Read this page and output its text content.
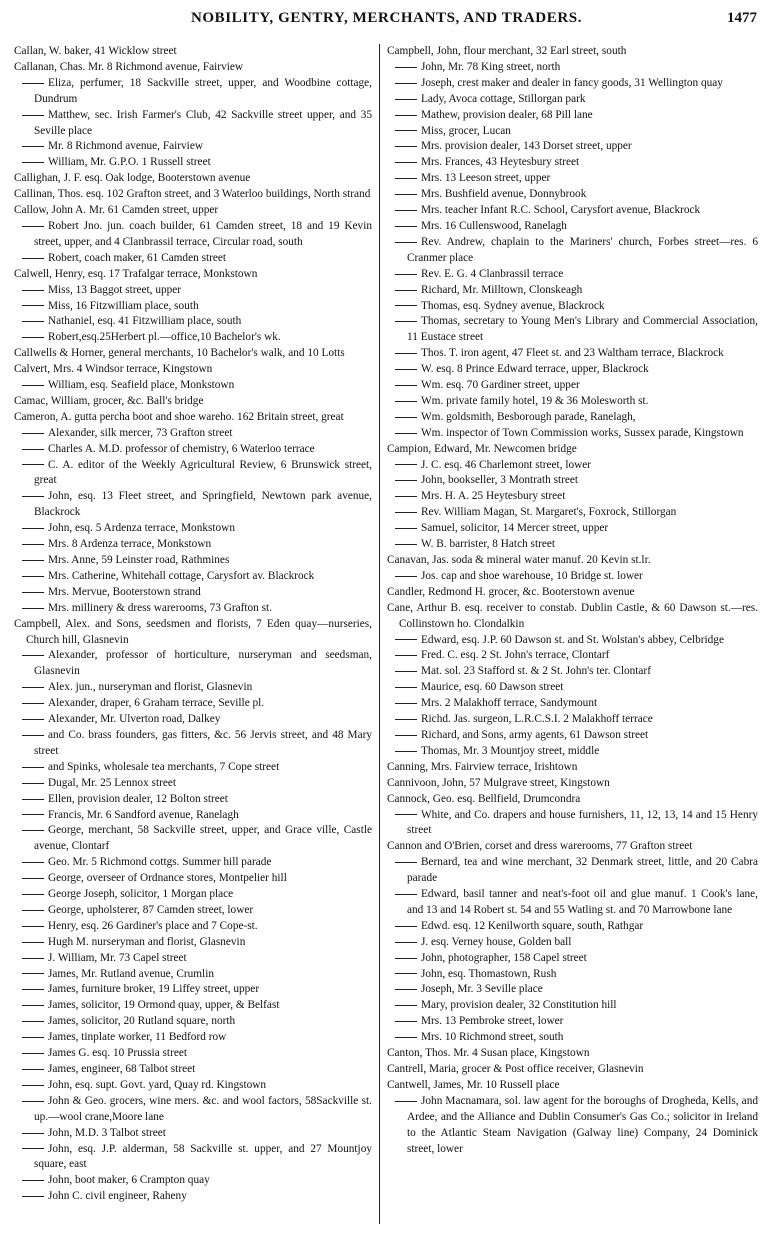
NOBILITY, GENTRY, MERCHANTS, AND TRADERS.	1477
Callan, W. baker, 41 Wicklow street
Callanan, Chas. Mr. 8 Richmond avenue, Fairview
Eliza, perfumer, 18 Sackville street, upper, and Woodbine cottage, Dundrum
Matthew, sec. Irish Farmer's Club, 42 Sackville street upper, and 35 Seville place
Mr. 8 Richmond avenue, Fairview
William, Mr. G.P.O. 1 Russell street
Callighan, J. F. esq. Oak lodge, Booterstown avenue
Callinan, Thos. esq. 102 Grafton street, and 3 Waterloo buildings, North strand
Callow, John A. Mr. 61 Camden street, upper
Robert Jno. jun. coach builder, 61 Camden street, 18 and 19 Kevin street, upper, and 4 Clanbrassil terrace, Circular road, south
Robert, coach maker, 61 Camden street
Calwell, Henry, esq. 17 Trafalgar terrace, Monkstown
Miss, 13 Baggot street, upper
Miss, 16 Fitzwilliam place, south
Nathaniel, esq. 41 Fitzwilliam place, south
Robert,esq.25Herbert pl.—office,10 Bachelor's wk.
Callwells & Horner, general merchants, 10 Bachelor's walk, and 10 Lotts
Calvert, Mrs. 4 Windsor terrace, Kingstown
William, esq. Seafield place, Monkstown
Camac, William, grocer, &c. Ball's bridge
Cameron, A. gutta percha boot and shoe wareho. 162 Britain street, great
Alexander, silk mercer, 73 Grafton street
Charles A. M.D. professor of chemistry, 6 Waterloo terrace
C. A. editor of the Weekly Agricultural Review, 6 Brunswick street, great
John, esq. 13 Fleet street, and Springfield, Newtown park avenue, Blackrock
John, esq. 5 Ardenza terrace, Monkstown
Mrs. 8 Ardenza terrace, Monkstown
Mrs. Anne, 59 Leinster road, Rathmines
Mrs. Catherine, Whitehall cottage, Carysfort av. Blackrock
Mrs. Mervue, Booterstown strand
Mrs. millinery & dress warerooms, 73 Grafton st.
Campbell, Alex. and Sons, seedsmen and florists, 7 Eden quay—nurseries, Church hill, Glasnevin
Alexander, professor of horticulture, nurseryman and seedsman, Glasnevin
Alex. jun., nurseryman and florist, Glasnevin
Alexander, draper, 6 Graham terrace, Seville pl.
Alexander, Mr. Ulverton road, Dalkey
and Co. brass founders, gas fitters, &c. 56 Jervis street, and 48 Mary street
and Spinks, wholesale tea merchants, 7 Cope street
Dugal, Mr. 25 Lennox street
Ellen, provision dealer, 12 Bolton street
Francis, Mr. 6 Sandford avenue, Ranelagh
George, merchant, 58 Sackville street, upper, and Grace ville, Castle avenue, Clontarf
Geo. Mr. 5 Richmond cottgs. Summer hill parade
George, overseer of Ordnance stores, Montpelier hill
George Joseph, solicitor, 1 Morgan place
George, upholsterer, 87 Camden street, lower
Henry, esq. 26 Gardiner's place and 7 Cope-st.
Hugh M. nurseryman and florist, Glasnevin
J. William, Mr. 73 Capel street
James, Mr. Rutland avenue, Crumlin
James, furniture broker, 19 Liffey street, upper
James, solicitor, 19 Ormond quay, upper, & Belfast
James, solicitor, 20 Rutland square, north
James, tinplate worker, 11 Bedford row
James G. esq. 10 Prussia street
James, engineer, 68 Talbot street
John, esq. supt. Govt. yard, Quay rd. Kingstown
John & Geo. grocers, wine mers. &c. and wool factors, 58Sackville st. up.—wool crane,Moore lane
John, M.D. 3 Talbot street
John, esq. J.P. alderman, 58 Sackville st. upper, and 27 Mountjoy square, east
John, boot maker, 6 Crampton quay
John C. civil engineer, Raheny
Campbell, John, flour merchant, 32 Earl street, south
John, Mr. 78 King street, north
Joseph, crest maker and dealer in fancy goods, 31 Wellington quay
Lady, Avoca cottage, Stillorgan park
Mathew, provision dealer, 68 Pill lane
Miss, grocer, Lucan
Mrs. provision dealer, 143 Dorset street, upper
Mrs. Frances, 43 Heytesbury street
Mrs. 13 Leeson street, upper
Mrs. Bushfield avenue, Donnybrook
Mrs. teacher Infant R.C. School, Carysfort avenue, Blackrock
Mrs. 16 Cullenswood, Ranelagh
Rev. Andrew, chaplain to the Mariners' church, Forbes street—res. 6 Cranmer place
Rev. E. G. 4 Clanbrassil terrace
Richard, Mr. Milltown, Clonskeagh
Thomas, esq. Sydney avenue, Blackrock
Thomas, secretary to Young Men's Library and Commercial Association, 11 Eustace street
Thos. T. iron agent, 47 Fleet st. and 23 Waltham terrace, Blackrock
W. esq. 8 Prince Edward terrace, upper, Blackrock
Wm. esq. 70 Gardiner street, upper
Wm. private family hotel, 19 & 36 Molesworth st.
Wm. goldsmith, Besborough parade, Ranelagh,
Wm. inspector of Town Commission works, Sussex parade, Kingstown
Campion, Edward, Mr. Newcomen bridge
J. C. esq. 46 Charlemont street, lower
John, bookseller, 3 Montrath street
Mrs. H. A. 25 Heytesbury street
Rev. William Magan, St. Margaret's, Foxrock, Stillorgan
Samuel, solicitor, 14 Mercer street, upper
W. B. barrister, 8 Hatch street
Canavan, Jas. soda & mineral water manuf. 20 Kevin st.lr.
Jos. cap and shoe warehouse, 10 Bridge st. lower
Candler, Redmond H. grocer, &c. Booterstown avenue
Cane, Arthur B. esq. receiver to constab. Dublin Castle, & 60 Dawson st.—res. Collinstown ho. Clondalkin
Edward, esq. J.P. 60 Dawson st. and St. Wolstan's abbey, Celbridge
Fred. C. esq. 2 St. John's terrace, Clontarf
Mat. sol. 23 Stafford st. & 2 St. John's ter. Clontarf
Maurice, esq. 60 Dawson street
Mrs. 2 Malakhoff terrace, Sandymount
Richd. Jas. surgeon, L.R.C.S.I. 2 Malakhoff terrace
Richard, and Sons, army agents, 61 Dawson street
Thomas, Mr. 3 Mountjoy street, middle
Canning, Mrs. Fairview terrace, Irishtown
Cannivoon, John, 57 Mulgrave street, Kingstown
Cannock, Geo. esq. Bellfield, Drumcondra
White, and Co. drapers and house furnishers, 11, 12, 13, 14 and 15 Henry street
Cannon and O'Brien, corset and dress warerooms, 77 Grafton street
Bernard, tea and wine merchant, 32 Denmark street, little, and 20 Cabra parade
Edward, basil tanner and neat's-foot oil and glue manuf. 1 Cook's lane, and 13 and 14 Robert st. 54 and 55 Watling st. and 70 Marrowbone lane
Edwd. esq. 12 Kenilworth square, south, Rathgar
J. esq. Verney house, Golden ball
John, photographer, 158 Capel street
John, esq. Thomastown, Rush
Joseph, Mr. 3 Seville place
Mary, provision dealer, 32 Constitution hill
Mrs. 13 Pembroke street, lower
Mrs. 10 Richmond street, south
Canton, Thos. Mr. 4 Susan place, Kingstown
Cantrell, Maria, grocer & Post office receiver, Glasnevin
Cantwell, James, Mr. 10 Russell place
John Macnamara, sol. law agent for the boroughs of Drogheda, Kells, and Ardee, and the Alliance and Dublin Consumer's Gas Co.; solicitor in Ireland to the Atlantic Steam Navigation (Galway line) Company, 24 Dominick street, lower
